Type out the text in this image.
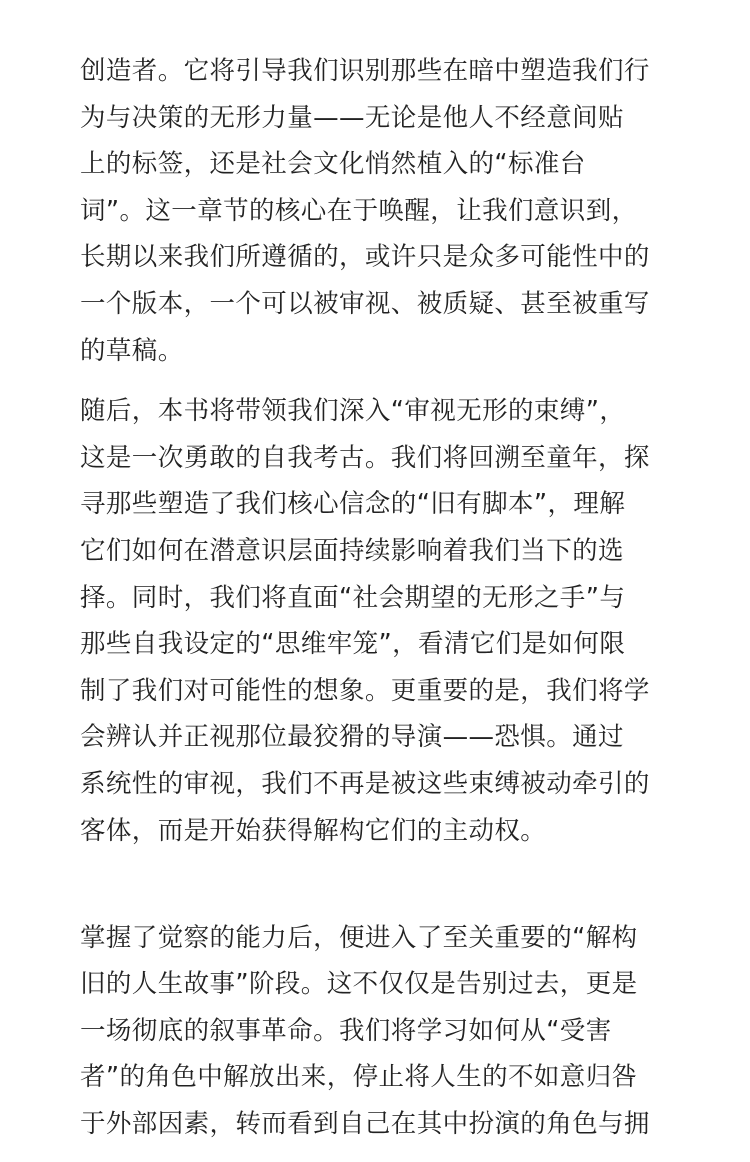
创造者。它将引导我们识别那些在暗中塑造我们行
为与决策的无形力量——无论是他人不经意间贴
上的标签，还是社会文化悄然植入的“标准台
词”。这一章节的核心在于唤醒，让我们意识到，
长期以来我们所遵循的，或许只是众多可能性中的
一个版本，一个可以被审视、被质疑、甚至被重写
的草稿。
随后，本书将带领我们深入“审视无形的束缚”，
这是一次勇敢的自我考古。我们将回溯至童年，探
寻那些塑造了我们核心信念的“旧有脚本”，理解
它们如何在潜意识层面持续影响着我们当下的选
择。同时，我们将直面“社会期望的无形之手”与
那些自我设定的“思维牢笼”，看清它们是如何限
制了我们对可能性的想象。更重要的是，我们将学
会辨认并正视那位最狡猾的导演——恐惧。通过
系统性的审视，我们不再是被这些束缚被动牵引的
客体，而是开始获得解构它们的主动权。
掌握了觉察的能力后，便进入了至关重要的“解构
旧的人生故事”阶段。这不仅仅是告别过去，更是
一场彻底的叙事革命。我们将学习如何从“受害
者”的角色中解放出来，停止将人生的不如意归咎
于外部因素，转而看到自己在其中扮演的角色与拥
